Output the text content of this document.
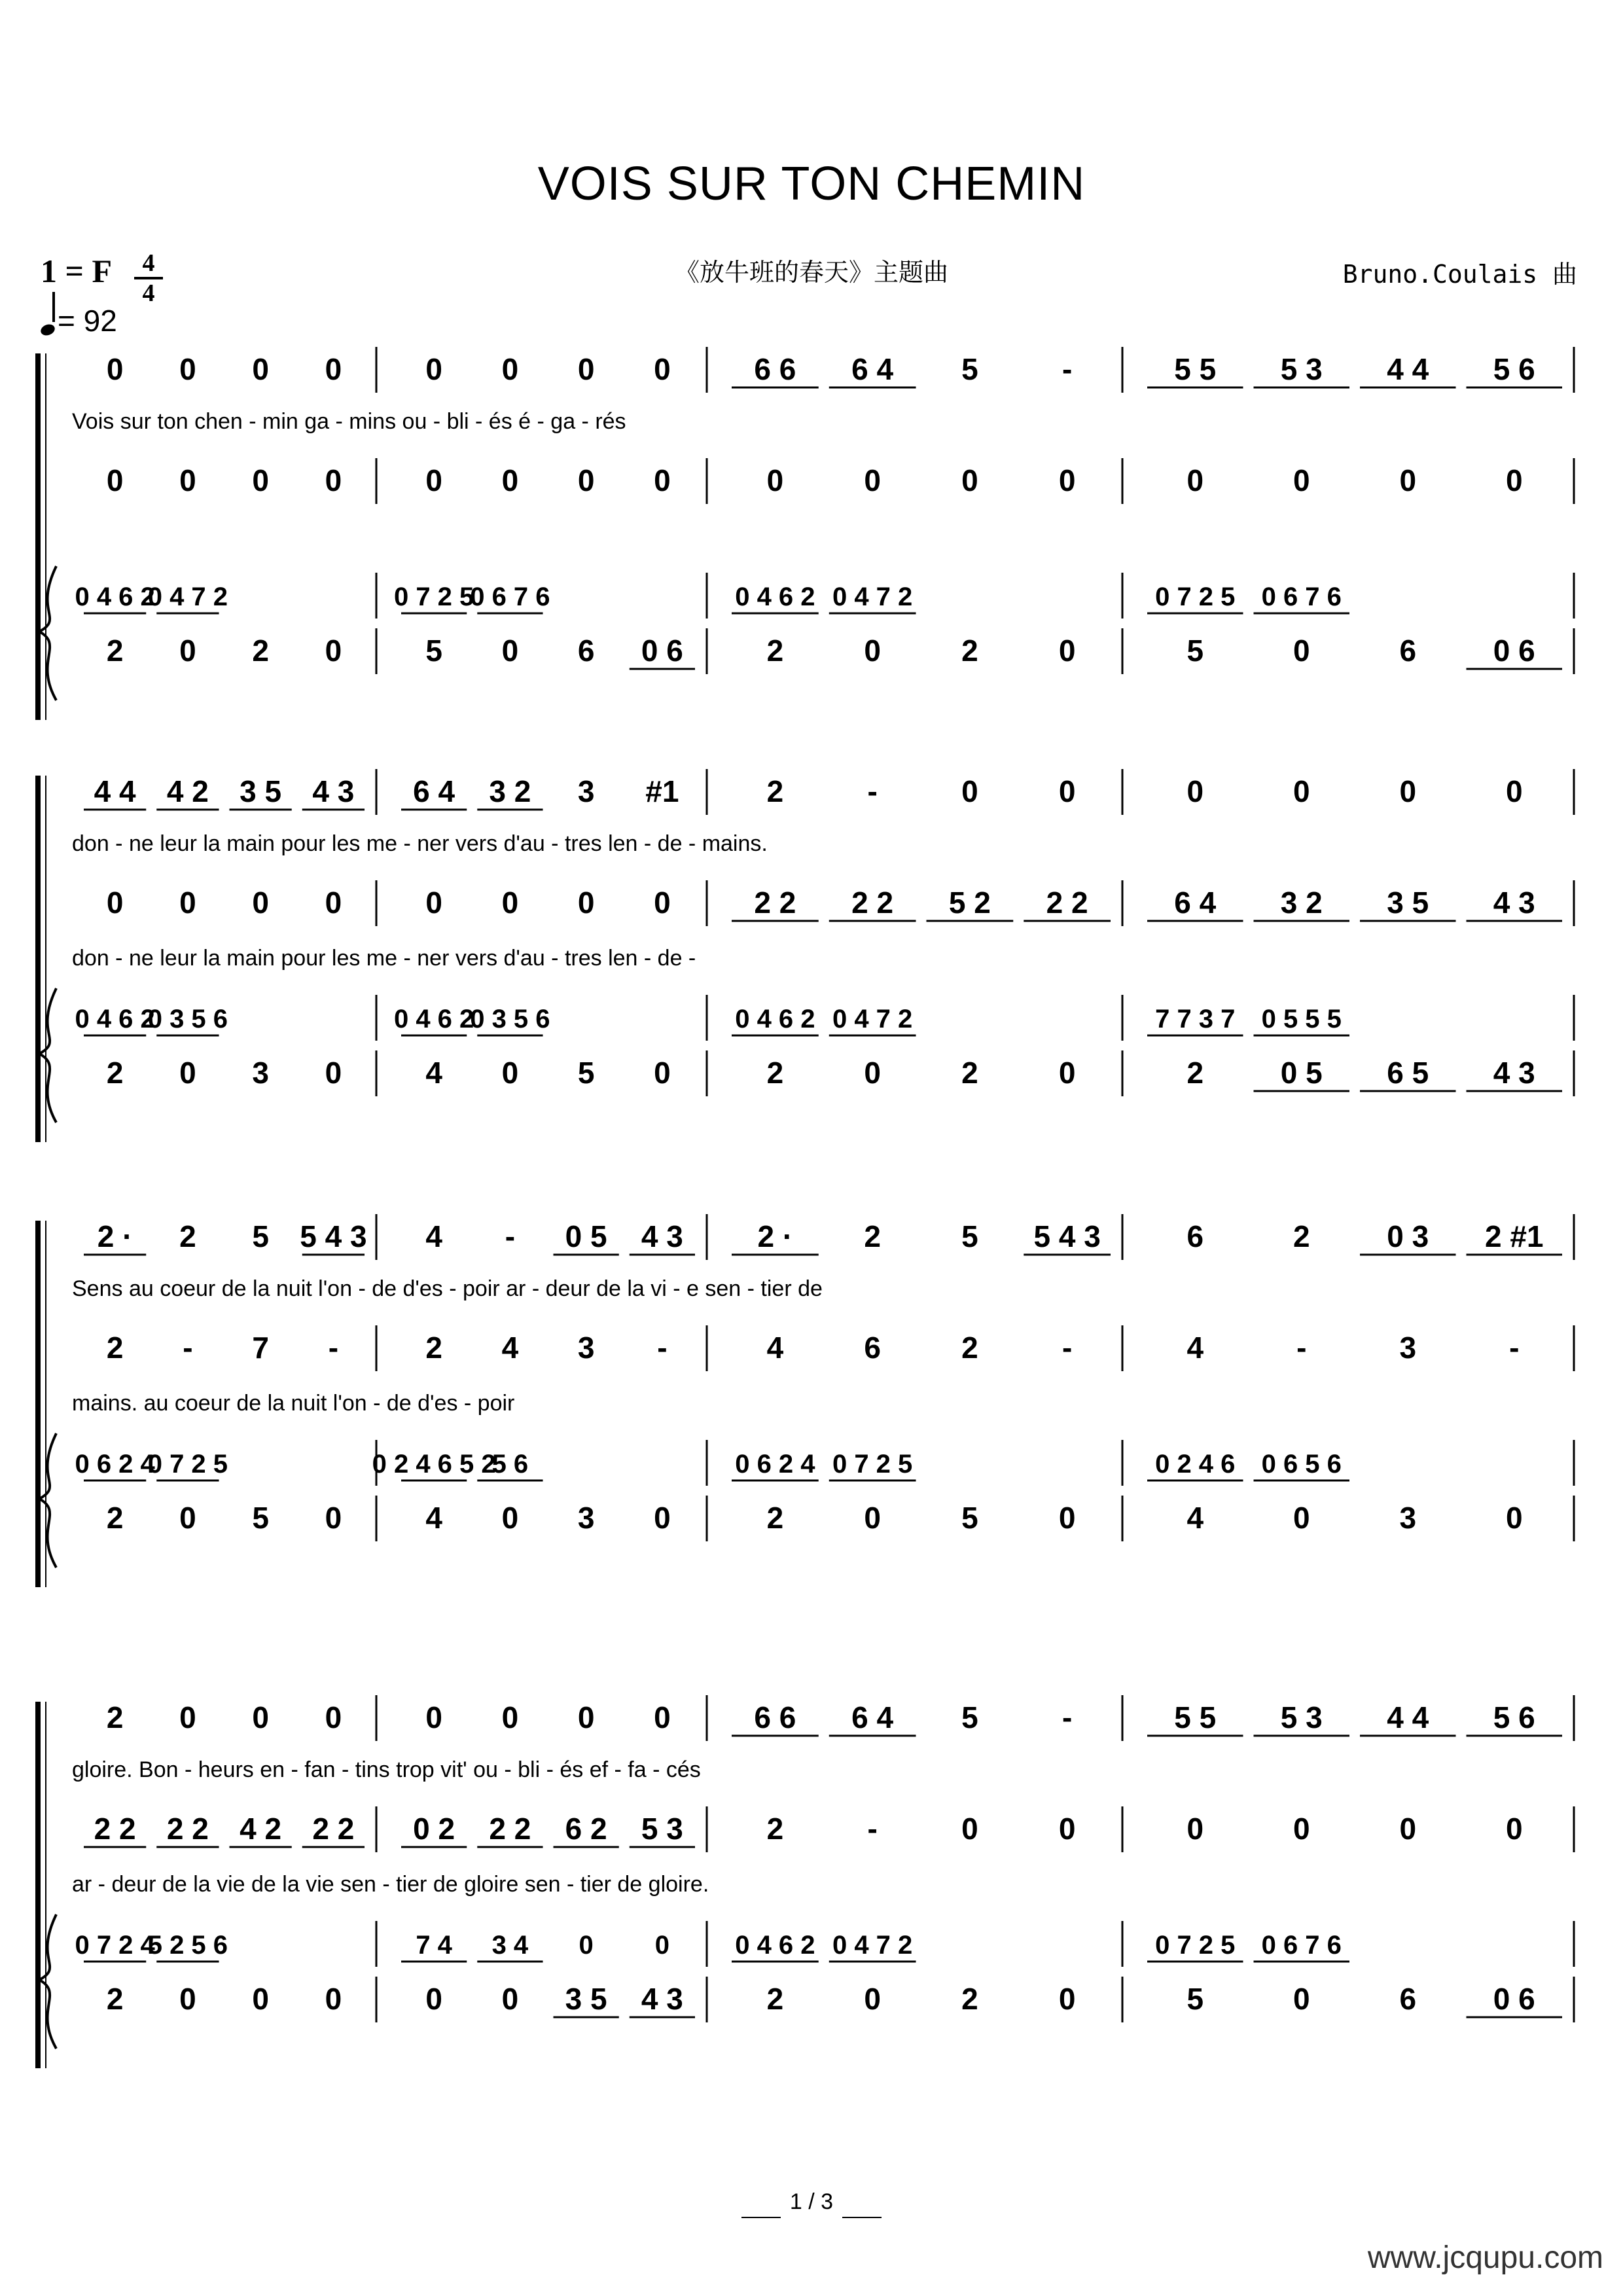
VOIS SUR TON CHEMIN
1 = F	4
4
= 92
《放牛班的春天》主题曲	Bruno.Coulais 曲
0 0 0 0
0 0 0 0
0 4 6 2
0 4 7 2
2 0 2 0
0 0 0 0
0 0 0 0
0 7 2 5
0 6 7 6
5 0 6 0 6
6 6 6 4 5	-
0	0	0	0
0 4 6 2 0 4 7 2
2	0	2	0
5 5 5 3 4 4 5 6
0	0	0	0
0 7 2 5 0 6 7 6
5	0	6	0 6
Vois sur ton chen - min ga - mins ou - bli - és é - ga - rés
4 4 4 2 3 5 4 3
0 0 0 0
0 4 6 2
0 3 5 6
2 0 3 0
6 4 3 2 3 #1
0 0 0 0
0 4 6 2
0 3 5 6
4 0 5 0
2	-	0	0
2 2 2 2 5 2 2 2
0 4 6 2 0 4 7 2
2	0	2	0
0	0	0	0
6 4 3 2 3 5 4 3
7 7 3 7 0 5 5 5
2	0 5 6 5 4 3
don - ne leur la main pour les me - ner vers d'au - tres len - de - mains.
don - ne leur la main pour les me - ner vers d'au - tres len - de -
2 · 2 5 5 4 3
2 - 7 -
0 6 2 4
0 7 2 5
2 0 5 0
4 - 0 5 4 3
2 4 3 -
0 2 4 6 5 2
5 6
4 0 3 0
2 · 2	5 5 4 3
4	6	2	-
0 6 2 4 0 7 2 5
2	0	5	0
6	2	0 3 2 #1
4	-	3	-
0 2 4 6 0 6 5 6
4	0	3	0
Sens au coeur de la nuit l'on - de d'es - poir ar - deur de la vi - e sen - tier de
mains. au coeur de la nuit l'on - de d'es - poir
2 0 0 0
2 2 2 2 4 2 2 2
0 7 2 4
5 2 5 6
2 0 0 0
0 0 0 0
0 2 2 2 6 2 5 3
7 4 3 4 0 0
0 0 3 5 4 3
6 6 6 4 5	-
2	-	0	0
0 4 6 2 0 4 7 2
2	0	2	0
5 5 5 3 4 4 5 6
0	0	0	0
0 7 2 5 0 6 7 6
5	0	6	0 6
gloire. Bon - heurs en - fan - tins trop vit' ou - bli - és ef - fa - cés
ar - deur de la vie de la vie sen - tier de gloire sen - tier de gloire.
1 / 3
www.jcqupu.com
